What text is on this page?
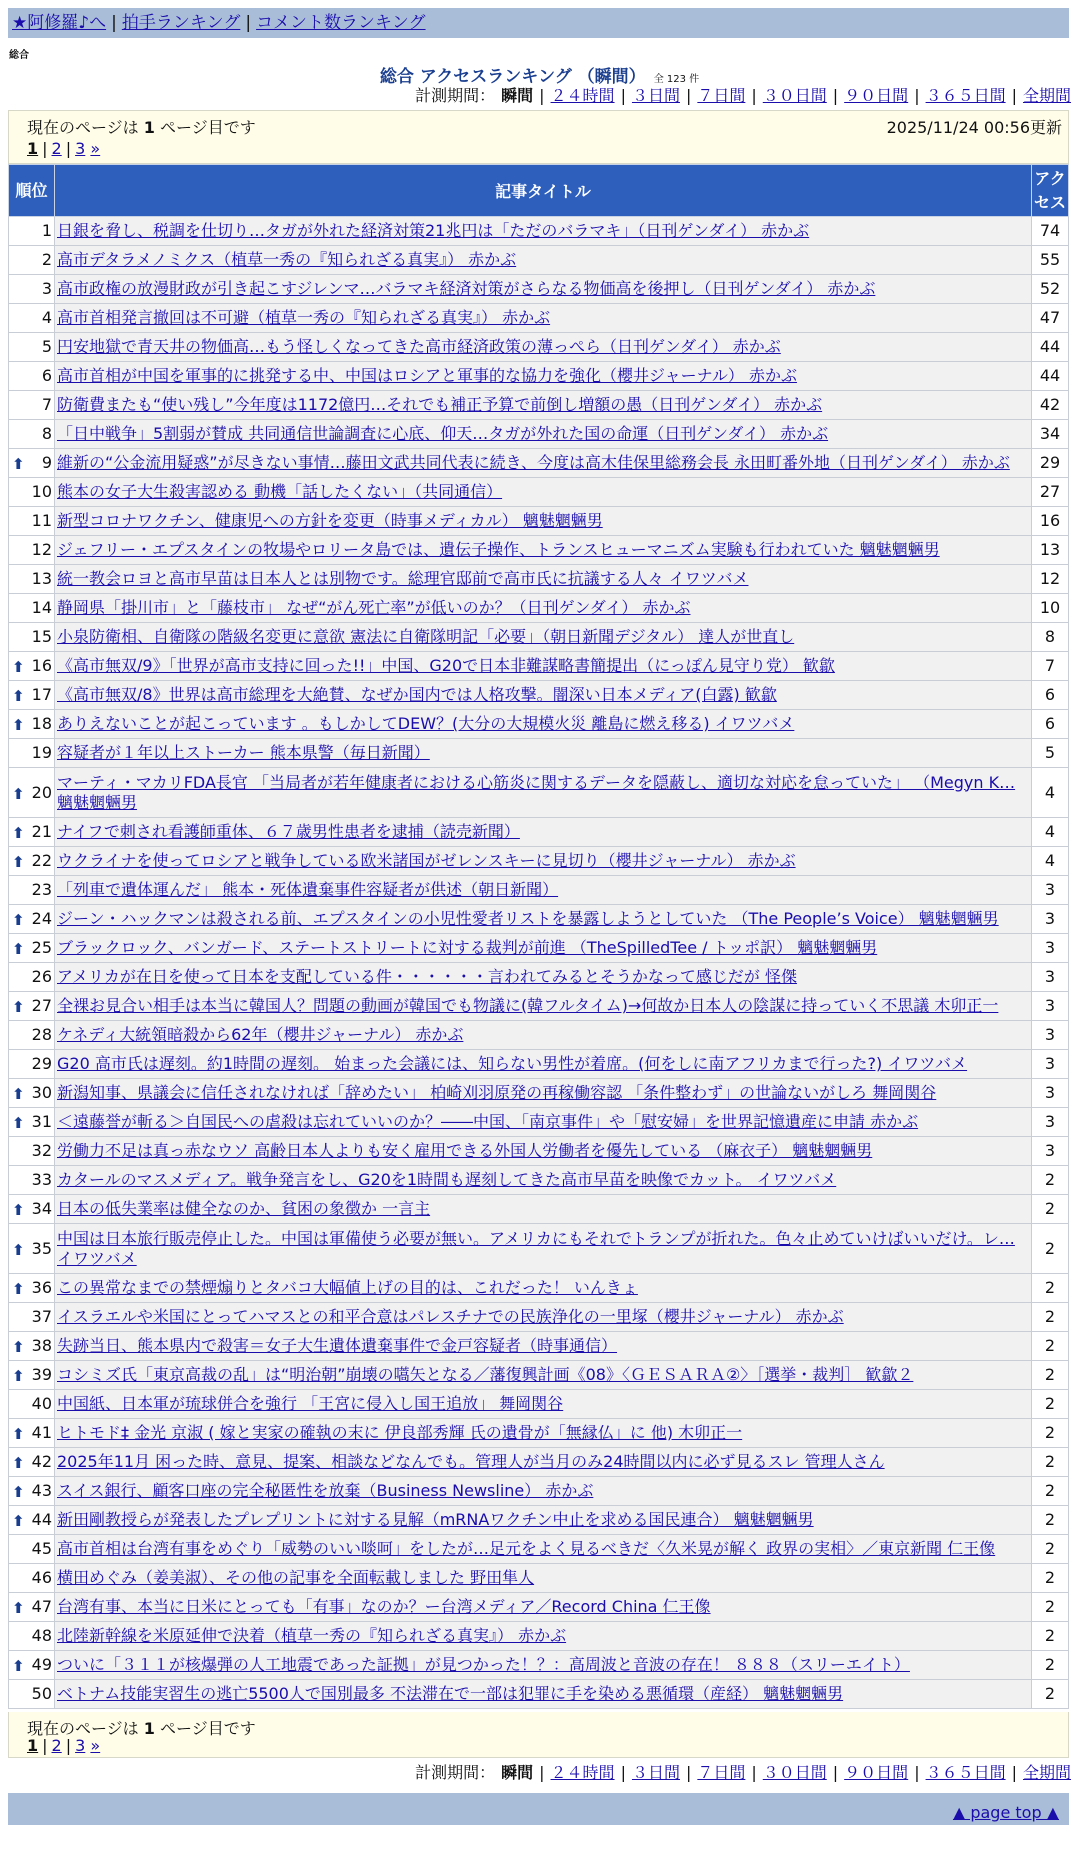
★阿修羅♪へ | 拍手ランキング | コメント数ランキング
総合
総合 アクセスランキング （瞬間） 全 123 件
計測期間： 瞬間 | ２４時間 | ３日間 | ７日間 | ３０日間 | ９０日間 | ３６５日間 | 全期間
現在のページは 1 ページ目です	2025/11/24 00:56更新
1 | 2 | 3 »
順位	記事タイトル	アクセス
1	日銀を脅し、税調を仕切り…タガが外れた経済対策21兆円は「ただのバラマキ」（日刊ゲンダイ） 赤かぶ	74
2	高市デタラメノミクス（植草一秀の『知られざる真実』） 赤かぶ	55
3	高市政権の放漫財政が引き起こすジレンマ…バラマキ経済対策がさらなる物価高を後押し（日刊ゲンダイ） 赤かぶ	52
4	高市首相発言撤回は不可避（植草一秀の『知られざる真実』） 赤かぶ	47
5	円安地獄で青天井の物価高…もう怪しくなってきた高市経済政策の薄っぺら（日刊ゲンダイ） 赤かぶ	44
6	高市首相が中国を軍事的に挑発する中、中国はロシアと軍事的な協力を強化（櫻井ジャーナル） 赤かぶ	44
7	防衛費またも“使い残し”今年度は1172億円…それでも補正予算で前倒し増額の愚（日刊ゲンダイ） 赤かぶ	42
8	「日中戦争」5割弱が賛成 共同通信世論調査に心底、仰天…タガが外れた国の命運（日刊ゲンダイ） 赤かぶ	34

⬆ 9	維新の“公金流用疑惑”が尽きない事情…藤田文武共同代表に続き、今度は高木佳保里総務会長 永田町番外地（日刊ゲンダイ） 赤かぶ	29
10	熊本の女子大生殺害認める 動機「話したくない」（共同通信）	27
11	新型コロナワクチン、健康児への方針を変更（時事メディカル） 魑魅魍魎男	16
12	ジェフリー・エプスタインの牧場やロリータ島では、遺伝子操作、トランスヒューマニズム実験も行われていた 魑魅魍魎男	13
13	統一教会ロヨと高市早苗は日本人とは別物です。総理官邸前で高市氏に抗議する人々 イワツバメ	12
14	静岡県「掛川市」と「藤枝市」 なぜ“がん死亡率”が低いのか？（日刊ゲンダイ） 赤かぶ	10
15	小泉防衛相、自衛隊の階級名変更に意欲 憲法に自衛隊明記「必要」（朝日新聞デジタル） 達人が世直し	8

⬆ 16	《高市無双/9》「世界が高市支持に回った!!」中国、G20で日本非難謀略書簡提出（にっぽん見守り党） 歓歙	7

⬆ 17	《高市無双/8》世界は高市総理を大絶賛、なぜか国内では人格攻撃。闇深い日本メディア(白露) 歓歙	6

⬆ 18	ありえないことが起こっています 。もしかしてDEW？(大分の大規模火災 離島に燃え移る) イワツバメ	6
19	容疑者が１年以上ストーカー 熊本県警（毎日新聞）	5

⬆ 20	マーティ・マカリFDA長官 「当局者が若年健康者における心筋炎に関するデータを隠蔽し、適切な対応を怠っていた」 （Megyn K… 魑魅魍魎男	4

⬆ 21	ナイフで刺され看護師重体、６７歳男性患者を逮捕（読売新聞）	4

⬆ 22	ウクライナを使ってロシアと戦争している欧米諸国がゼレンスキーに見切り（櫻井ジャーナル） 赤かぶ	4
23	「列車で遺体運んだ」 熊本・死体遺棄事件容疑者が供述（朝日新聞）	3

⬆ 24	ジーン・ハックマンは殺される前、エプスタインの小児性愛者リストを暴露しようとしていた （The People’s Voice） 魑魅魍魎男	3

⬆ 25	ブラックロック、バンガード、ステートストリートに対する裁判が前進 （TheSpilledTee / トッポ訳） 魑魅魍魎男	3
26	アメリカが在日を使って日本を支配している件・・・・・・言われてみるとそうかなって感じだが 怪傑	3

⬆ 27	全裸お見合い相手は本当に韓国人？問題の動画が韓国でも物議に(韓フルタイム)→何故か日本人の陰謀に持っていく不思議 木卯正一	3
28	ケネディ大統領暗殺から62年（櫻井ジャーナル） 赤かぶ	3
29	G20 高市氏は遅刻。約1時間の遅刻。 始まった会議には、知らない男性が着席。(何をしに南アフリカまで行った?) イワツバメ	3

⬆ 30	新潟知事、県議会に信任されなければ「辞めたい」 柏崎刈羽原発の再稼働容認 「条件整わず」の世論ないがしろ 舞岡関谷	3

⬆ 31	＜遠藤誉が斬る＞自国民への虐殺は忘れていいのか？――中国、「南京事件」や「慰安婦」を世界記憶遺産に申請 赤かぶ	3
32	労働力不足は真っ赤なウソ 高齢日本人よりも安く雇用できる外国人労働者を優先している （麻衣子） 魑魅魍魎男	3
33	カタールのマスメディア。戦争発言をし、G20を1時間も遅刻してきた高市早苗を映像でカット。 イワツバメ	2

⬆ 34	日本の低失業率は健全なのか、貧困の象徴か 一言主	2

⬆ 35	中国は日本旅行販売停止した。中国は軍備使う必要が無い。アメリカにもそれでトランプが折れた。色々止めていけばいいだけ。レ… イワツバメ	2

⬆ 36	この異常なまでの禁煙煽りとタバコ大幅値上げの目的は、これだった！ いんきょ	2
37	イスラエルや米国にとってハマスとの和平合意はパレスチナでの民族浄化の一里塚（櫻井ジャーナル） 赤かぶ	2

⬆ 38	失跡当日、熊本県内で殺害＝女子大生遺体遺棄事件で金戸容疑者（時事通信）	2

⬆ 39	コシミズ氏「東京高裁の乱」は“明治朝”崩壊の嚆矢となる／藩復興計画《08》〈ＧＥＳＡＲＡ②〉［選挙・裁判］ 歓歙２	2
40	中国紙、日本軍が琉球併合を強行 「王宮に侵入し国王追放」 舞岡関谷	2

⬆ 41	ヒトモド‡ 金光 京淑 ( 嫁と実家の確執の末に 伊良部秀輝 氏の遺骨が「無縁仏」に 他) 木卯正一	2

⬆ 42	2025年11月 困った時、意見、提案、相談などなんでも。管理人が当月のみ24時間以内に必ず見るスレ 管理人さん	2

⬆ 43	スイス銀行、顧客口座の完全秘匿性を放棄（Business Newsline） 赤かぶ	2

⬆ 44	新田剛教授らが発表したプレプリントに対する見解（mRNAワクチン中止を求める国民連合） 魑魅魍魎男	2
45	高市首相は台湾有事をめぐり「威勢のいい啖呵」をしたが…足元をよく見るべきだ〈久米晃が解く 政界の実相〉／東京新聞 仁王像	2
46	横田めぐみ（姜美淑）、その他の記事を全面転載しました 野田隼人	2

⬆ 47	台湾有事、本当に日米にとっても「有事」なのか？ー台湾メディア／Record China 仁王像	2
48	北陸新幹線を米原延伸で決着（植草一秀の『知られざる真実』） 赤かぶ	2

⬆ 49	ついに「３１１が核爆弾の人工地震であった証拠」が見つかった！？：高周波と音波の存在！ ８８８（スリーエイト）	2
50	ベトナム技能実習生の逃亡5500人で国別最多 不法滞在で一部は犯罪に手を染める悪循環（産経） 魑魅魍魎男	2
現在のページは 1 ページ目です
1 | 2 | 3 »
計測期間： 瞬間 | ２４時間 | ３日間 | ７日間 | ３０日間 | ９０日間 | ３６５日間 | 全期間
▲ page top ▲
